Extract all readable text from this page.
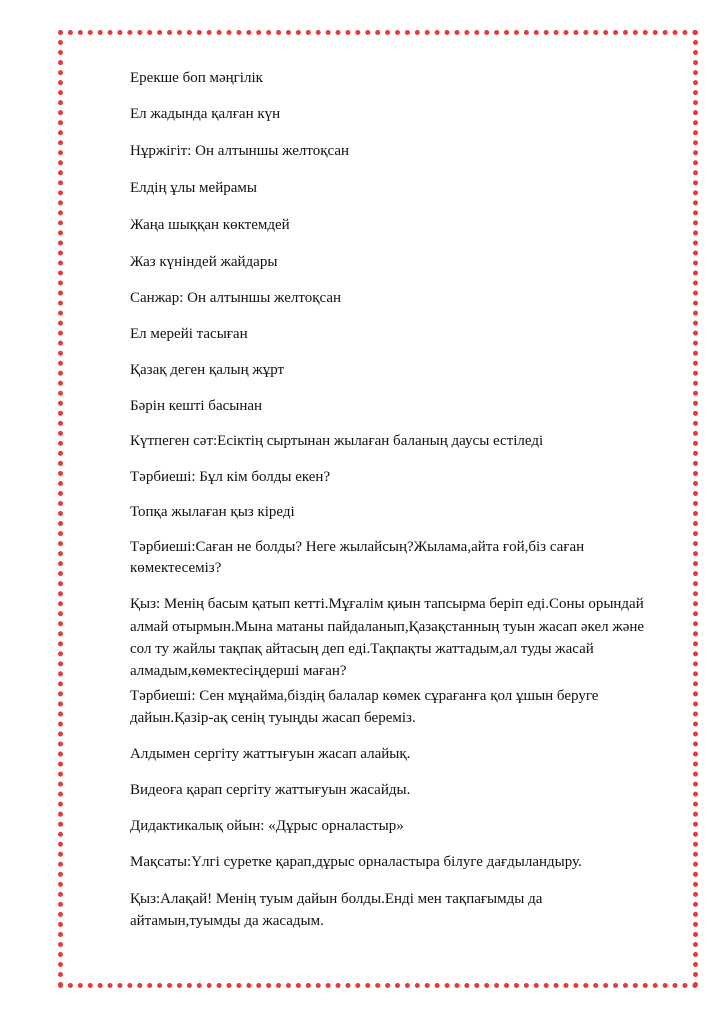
Ерекше боп мәңгілік
Ел жадында қалған күн
Нұржігіт: Он алтыншы желтоқсан
Елдің ұлы мейрамы
Жаңа шыққан көктемдей
Жаз күніндей жайдары
Санжар: Он алтыншы желтоқсан
Ел мерейі тасыған
Қазақ деген қалың жұрт
Бәрін кешті басынан
Күтпеген сәт:Есіктің сыртынан жылаған баланың даусы естіледі
Тәрбиеші: Бұл кім болды екен?
Топқа жылаған қыз кіреді
Тәрбиеші:Саған не болды? Неге жылайсың?Жылама,айта ғой,біз саған
көмектесеміз?
Қыз: Менің басым қатып кетті.Мұғалім қиын тапсырма беріп еді.Соны орындай
алмай отырмын.Мына матаны пайдаланып,Қазақстанның туын жасап әкел және
сол ту жайлы тақпақ айтасың деп еді.Тақпақты жаттадым,ал туды жасай
алмадым,көмектесіңдерші маған?
Тәрбиеші: Сен мұңайма,біздің балалар көмек сұрағанға қол ұшын беруге
дайын.Қазір-ақ сенің туыңды жасап береміз.
Алдымен сергіту жаттығуын жасап алайық.
Видеоға қарап сергіту жаттығуын жасайды.
Дидактикалық ойын: «Дұрыс орналастыр»
Мақсаты:Үлгі суретке қарап,дұрыс орналастыра білуге дағдыландыру.
Қыз:Алақай! Менің туым дайын болды.Енді мен тақпағымды да
айтамын,туымды да жасадым.
